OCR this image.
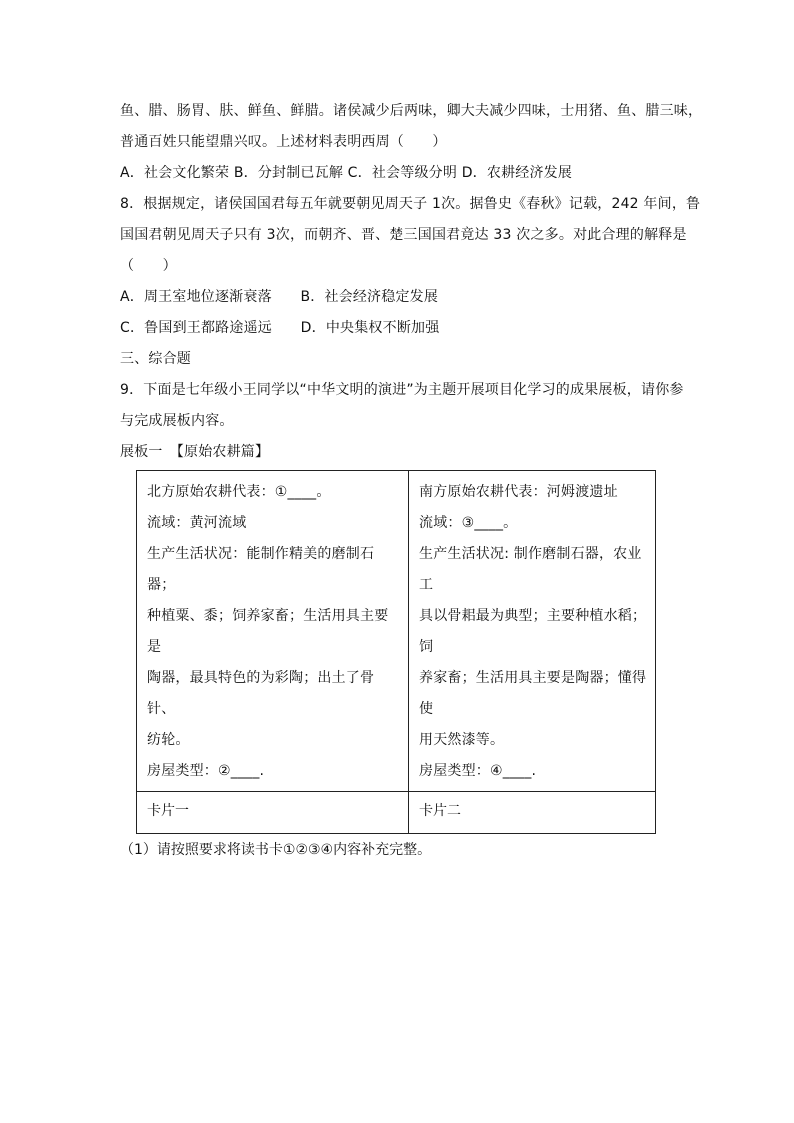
鱼、腊、肠胃、肤、鲜鱼、鲜腊。诸侯减少后两味，卿大夫减少四味，士用猪、鱼、腊三味，
普通百姓只能望鼎兴叹。上述材料表明西周（　　）
A．社会文化繁荣 B．分封制已瓦解 C．社会等级分明 D．农耕经济发展
8．根据规定，诸侯国国君每五年就要朝见周天子 1次。据鲁史《春秋》记载，242 年间，鲁
国国君朝见周天子只有 3次，而朝齐、晋、楚三国国君竟达 33 次之多。对此合理的解释是
（　　）
A．周王室地位逐渐衰落 B．社会经济稳定发展
C．鲁国到王都路途遥远 D．中央集权不断加强
三、综合题
9．下面是七年级小王同学以“中华文明的演进”为主题开展项目化学习的成果展板，请你参
与完成展板内容。
展板一　【原始农耕篇】
北方原始农耕代表：①____。
流域：黄河流域
生产生活状况：能制作精美的磨制石器；
种植粟、黍；饲养家畜；生活用具主要是
陶器，最具特色的为彩陶；出土了骨针、
纺轮。
房屋类型：②____.
南方原始农耕代表：河姆渡遗址
流域：③____。
生产生活状况: 制作磨制石器，农业工
具以骨耜最为典型；主要种植水稻；饲
养家畜；生活用具主要是陶器；懂得使
用天然漆等。
房屋类型：④____.
卡片一	卡片二
（1）请按照要求将读书卡①②③④内容补充完整。
